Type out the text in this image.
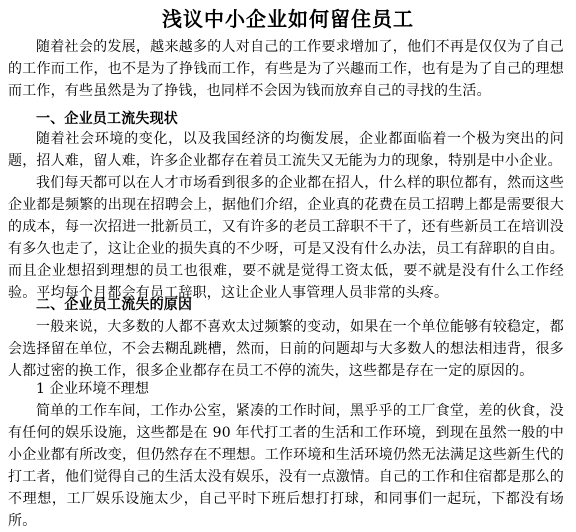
浅议中小企业如何留住员工

随着社会的发展，越来越多的人对自己的工作要求增加了，他们不再是仅仅为了自己的工作而工作，也不是为了挣钱而工作，有些是为了兴趣而工作，也有是为了自己的理想而工作，有些虽然是为了挣钱，也同样不会因为钱而放弃自己的寻找的生活。

一、企业员工流失现状

随着社会环境的变化，以及我国经济的均衡发展，企业都面临着一个极为突出的问题，招人难，留人难，许多企业都存在着员工流失又无能为力的现象，特别是中小企业。

我们每天都可以在人才市场看到很多的企业都在招人，什么样的职位都有，然而这些企业都是频繁的出现在招聘会上，据他们介绍，企业真的花费在员工招聘上都是需要很大的成本，每一次招进一批新员工，又有许多的老员工辞职不干了，还有些新员工在培训没有多久也走了，这让企业的损失真的不少呀，可是又没有什么办法，员工有辞职的自由。而且企业想招到理想的员工也很难，要不就是觉得工资太低，要不就是没有什么工作经验。平均每个月都会有员工辞职，这让企业人事管理人员非常的头疼。

二、企业员工流失的原因

一般来说，大多数的人都不喜欢太过频繁的变动，如果在一个单位能够有较稳定，都会选择留在单位，不会去糊乱跳槽，然而，日前的问题却与大多数人的想法相违背，很多人都过密的换工作，很多企业都存在员工不停的流失，这些都是存在一定的原因的。

1 企业环境不理想

简单的工作车间，工作办公室，紧凑的工作时间，黑乎乎的工厂食堂，差的伙食，没有任何的娱乐设施，这些都是在 90 年代打工者的生活和工作环境，到现在虽然一般的中小企业都有所改变，但仍然存在不理想。工作环境和生活环境仍然无法满足这些新生代的打工者，他们觉得自己的生活太没有娱乐，没有一点激情。自己的工作和住宿都是那么的不理想，工厂娱乐设施太少，自己平时下班后想打打球，和同事们一起玩，下都没有场所。
